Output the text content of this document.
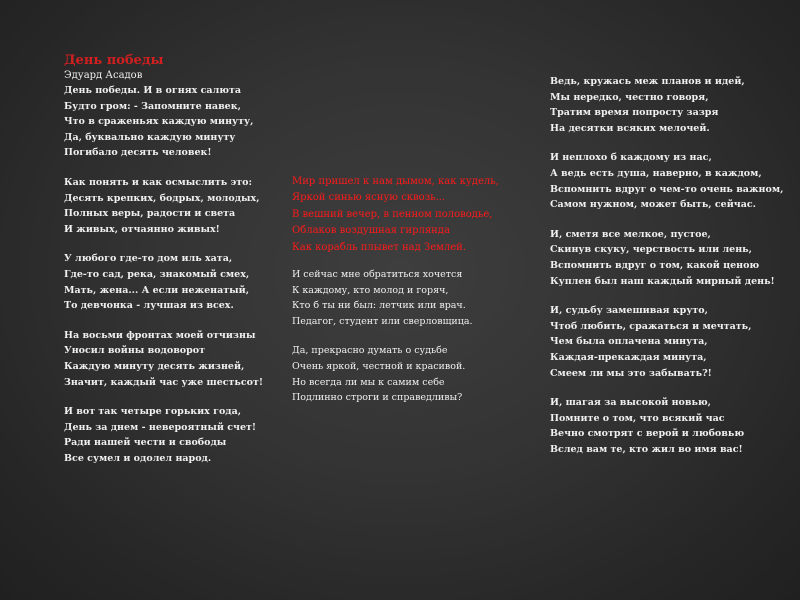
День победы

Эдуард Асадов

День победы. И в огнях салюта

Будто гром: - Запомните навек,

Что в сраженьях каждую минуту,

Да, буквально каждую минуту

Погибало десять человек!

Как понять и как осмыслить это:

Десять крепких, бодрых, молодых,

Полных веры, радости и света

И живых, отчаянно живых!

У любого где-то дом иль хата,

Где-то сад, река, знакомый смех,

Мать, жена... А если неженатый,

То девчонка - лучшая из всех.

На восьми фронтах моей отчизны

Уносил войны водоворот

Каждую минуту десять жизней,

Значит, каждый час уже шестьсот!

И вот так четыре горьких года,

День за днем - невероятный счет!

Ради нашей чести и свободы

Все сумел и одолел народ.

Мир пришел к нам дымом, как кудель,

Яркой синью ясную сквозь...

В вешний вечер, в пенном половодье,

Облаков воздушная гирлянда

Как корабль плывет над Землей.

И сейчас мне обратиться хочется

К каждому, кто молод и горяч,

Кто б ты ни был: летчик или врач.

Педагог, студент или сверловщица.

Да, прекрасно думать о судьбе

Очень яркой, честной и красивой.

Но всегда ли мы к самим себе

Подлинно строги и справедливы?

Ведь, кружась меж планов и идей,

Мы нередко, честно говоря,

Тратим время попросту зазря

На десятки всяких мелочей.

И неплохо б каждому из нас,

А ведь есть душа, наверно, в каждом,

Вспомнить вдруг о чем-то очень важном,

Самом нужном, может быть, сейчас.

И, сметя все мелкое, пустое,

Скинув скуку, черствость или лень,

Вспомнить вдруг о том, какой ценою

Куплен был наш каждый мирный день!

И, судьбу замешивая круто,

Чтоб любить, сражаться и мечтать,

Чем была оплачена минута,

Каждая-прекаждая минута,

Смеем ли мы это забывать?!

И, шагая за высокой новью,

Помните о том, что всякий час

Вечно смотрят с верой и любовью

Вслед вам те, кто жил во имя вас!
